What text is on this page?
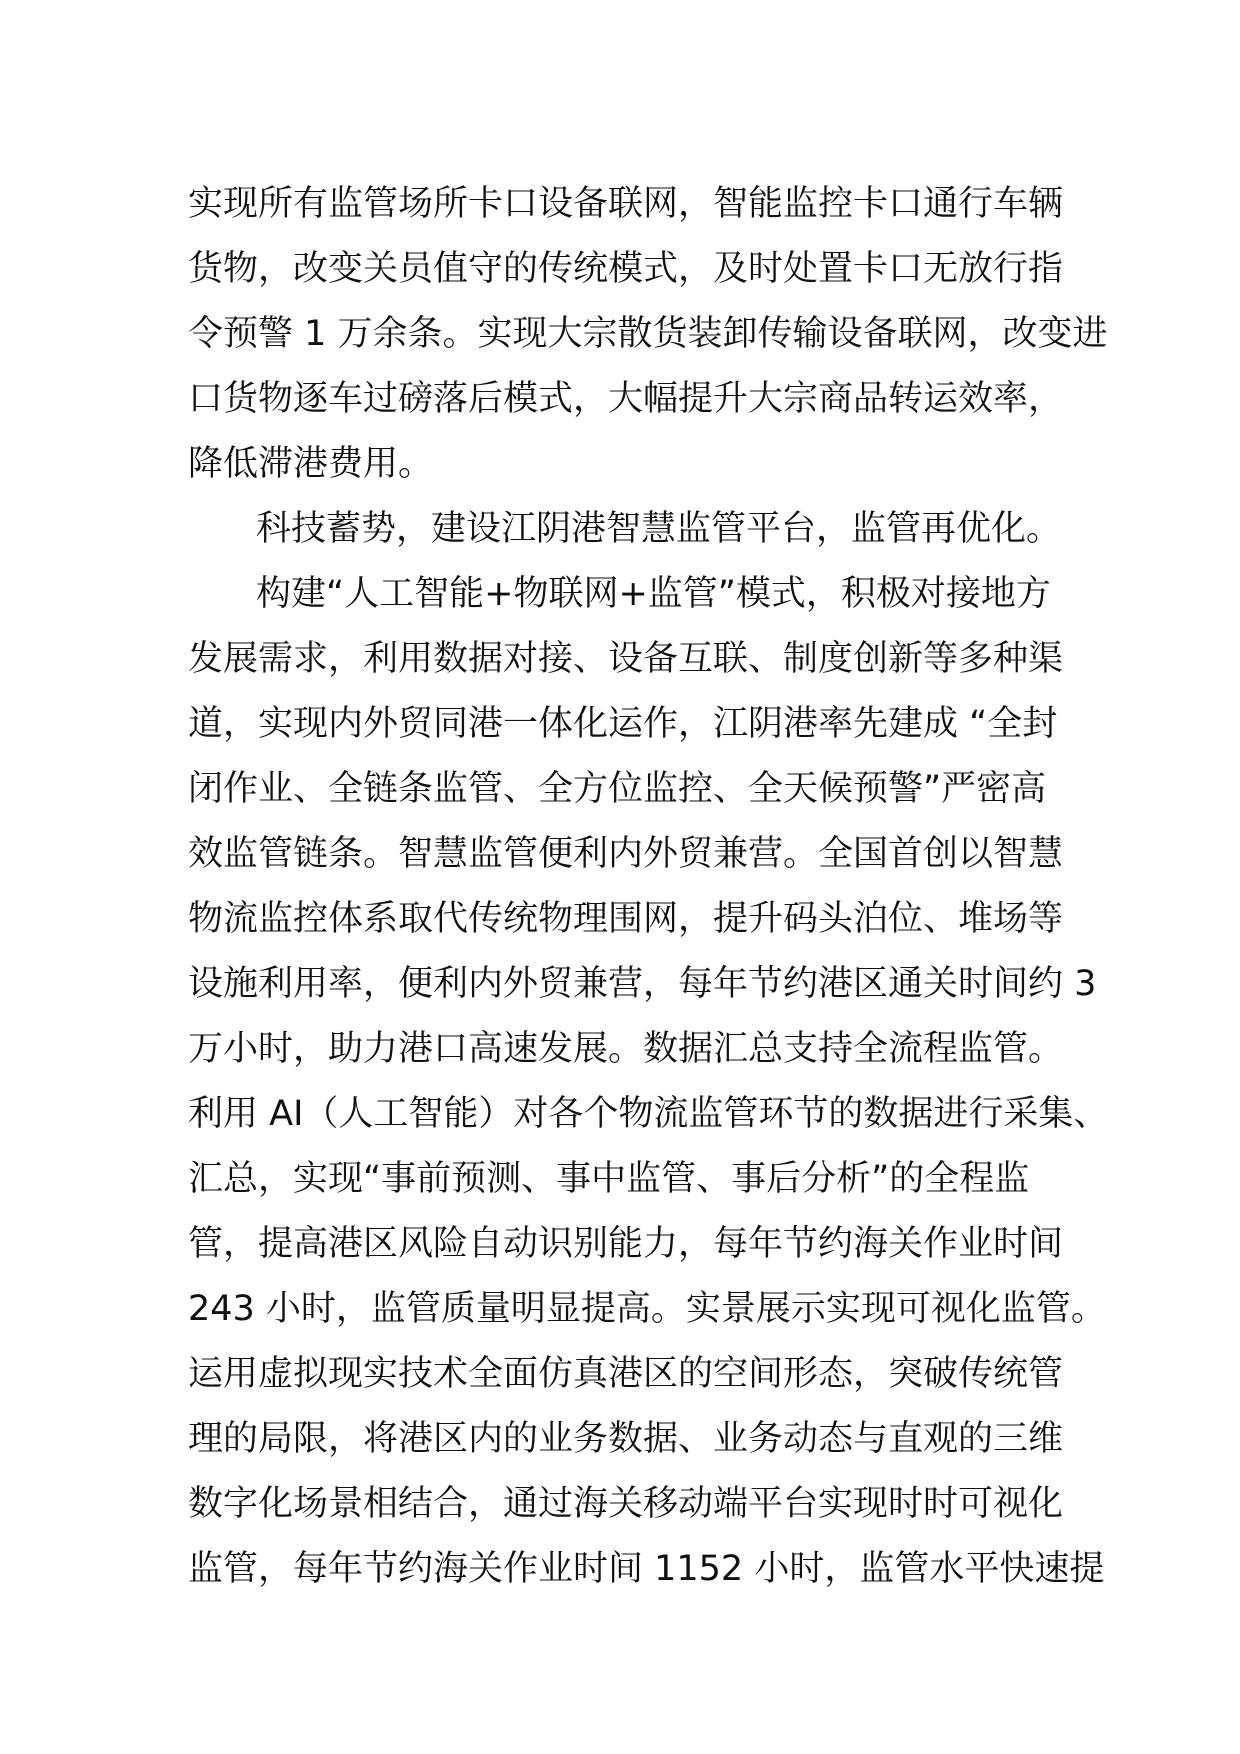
实现所有监管场所卡口设备联网，智能监控卡口通行车辆
货物，改变关员值守的传统模式，及时处置卡口无放行指
令预警 1 万余条。实现大宗散货装卸传输设备联网，改变进
口货物逐车过磅落后模式，大幅提升大宗商品转运效率，
降低滞港费用。
科技蓄势，建设江阴港智慧监管平台，监管再优化。
构建“人工智能+物联网+监管”模式，积极对接地方
发展需求，利用数据对接、设备互联、制度创新等多种渠
道，实现内外贸同港一体化运作，江阴港率先建成 “全封
闭作业、全链条监管、全方位监控、全天候预警”严密高
效监管链条。智慧监管便利内外贸兼营。全国首创以智慧
物流监控体系取代传统物理围网，提升码头泊位、堆场等
设施利用率，便利内外贸兼营，每年节约港区通关时间约 3
万小时，助力港口高速发展。数据汇总支持全流程监管。
利用 AI（人工智能）对各个物流监管环节的数据进行采集、
汇总，实现“事前预测、事中监管、事后分析”的全程监
管，提高港区风险自动识别能力，每年节约海关作业时间
243 小时，监管质量明显提高。实景展示实现可视化监管。
运用虚拟现实技术全面仿真港区的空间形态，突破传统管
理的局限，将港区内的业务数据、业务动态与直观的三维
数字化场景相结合，通过海关移动端平台实现时时可视化
监管，每年节约海关作业时间 1152 小时，监管水平快速提
